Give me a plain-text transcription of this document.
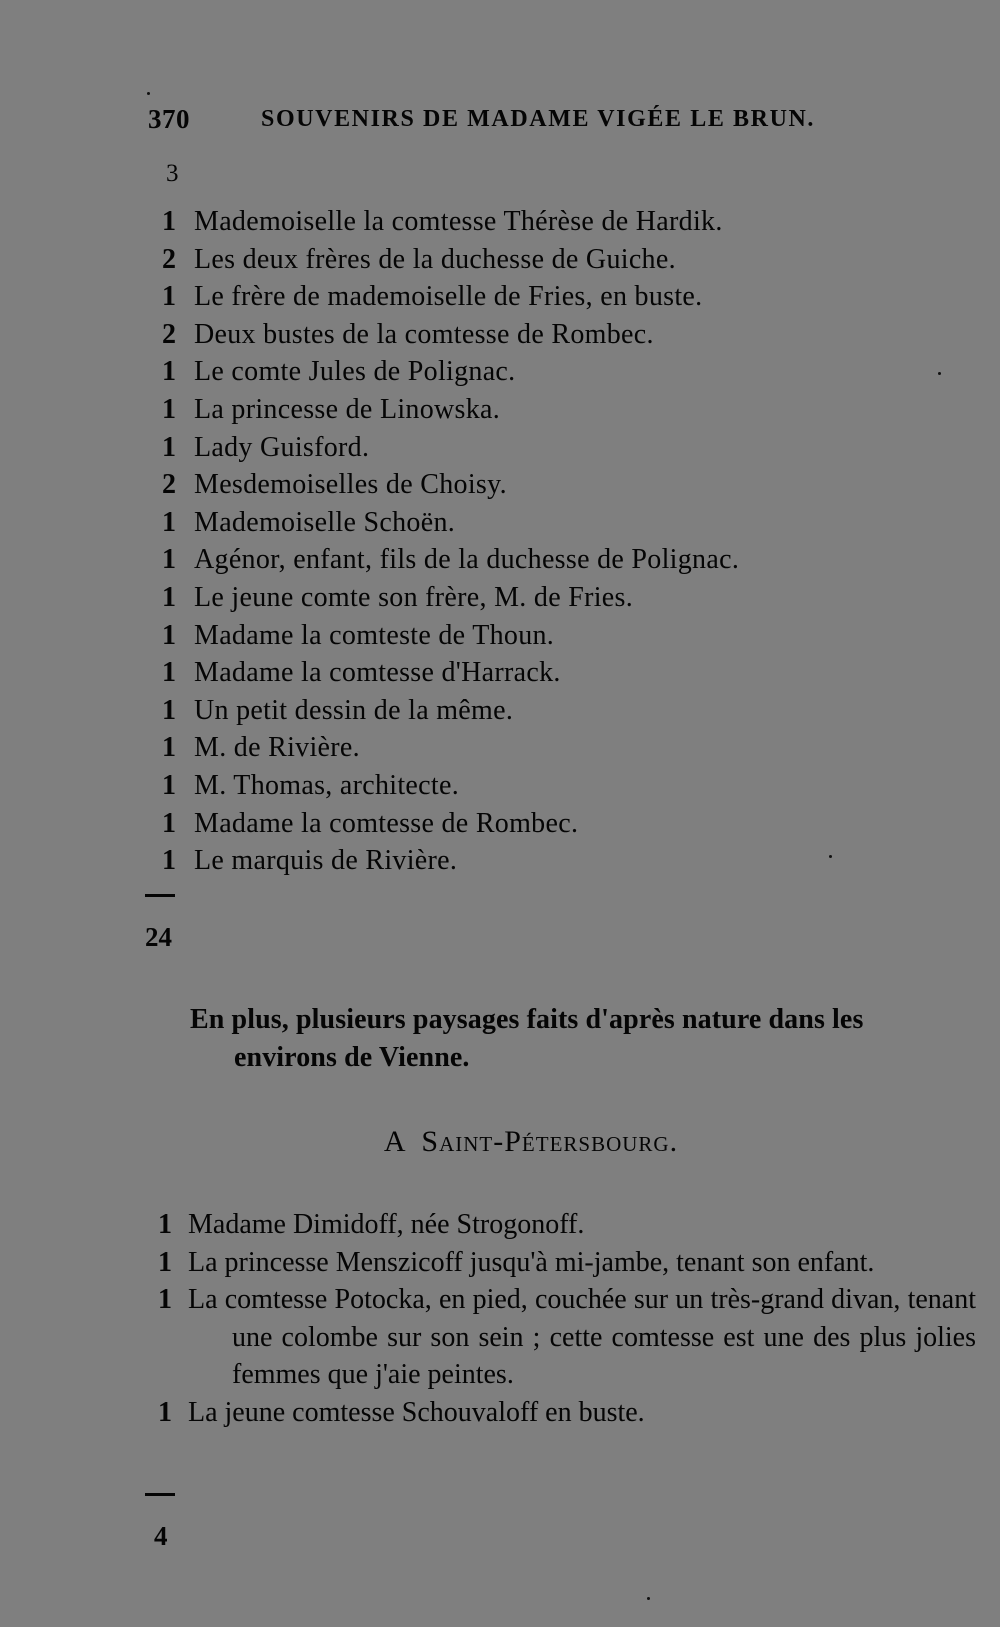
370	SOUVENIRS DE MADAME VIGÉE LE BRUN.
3
1 Mademoiselle la comtesse Thérèse de Hardik.
2 Les deux frères de la duchesse de Guiche.
1 Le frère de mademoiselle de Fries, en buste.
2 Deux bustes de la comtesse de Rombec.
1 Le comte Jules de Polignac.
1 La princesse de Linowska.
1 Lady Guisford.
2 Mesdemoiselles de Choisy.
1 Mademoiselle Schoën.
1 Agénor, enfant, fils de la duchesse de Polignac.
1 Le jeune comte son frère, M. de Fries.
1 Madame la comteste de Thoun.
1 Madame la comtesse d'Harrack.
1 Un petit dessin de la même.
1 M. de Rivière.
1 M. Thomas, architecte.
1 Madame la comtesse de Rombec.
1 Le marquis de Rivière.
24

En plus, plusieurs paysages faits d'après nature dans les
environs de Vienne.

A Saint-Pétersbourg.
1 Madame Dimidoff, née Strogonoff.
1 La princesse Menszicoff jusqu'à mi-jambe, tenant son enfant.
1 La comtesse Potocka, en pied, couchée sur un très-grand divan, tenant une colombe sur son sein ; cette comtesse est une des plus jolies femmes que j'aie peintes.
1 La jeune comtesse Schouvaloff en buste.
4
